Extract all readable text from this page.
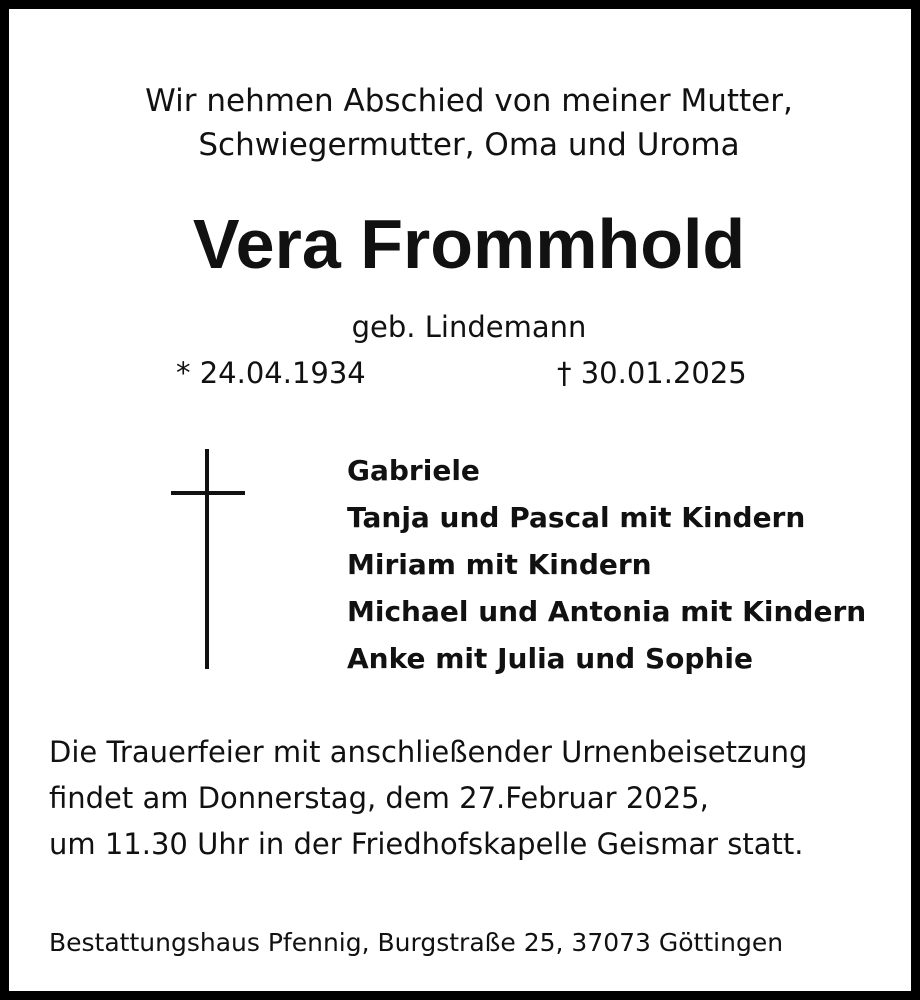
Wir nehmen Abschied von meiner Mutter,
Schwiegermutter, Oma und Uroma
Vera Frommhold
geb. Lindemann
* 24.04.1934	† 30.01.2025
Gabriele
Tanja und Pascal mit Kindern
Miriam mit Kindern
Michael und Antonia mit Kindern
Anke mit Julia und Sophie
Die Trauerfeier mit anschließender Urnenbeisetzung
findet am Donnerstag, dem 27.Februar 2025,
um 11.30 Uhr in der Friedhofskapelle Geismar statt.
Bestattungshaus Pfennig, Burgstraße 25, 37073 Göttingen
